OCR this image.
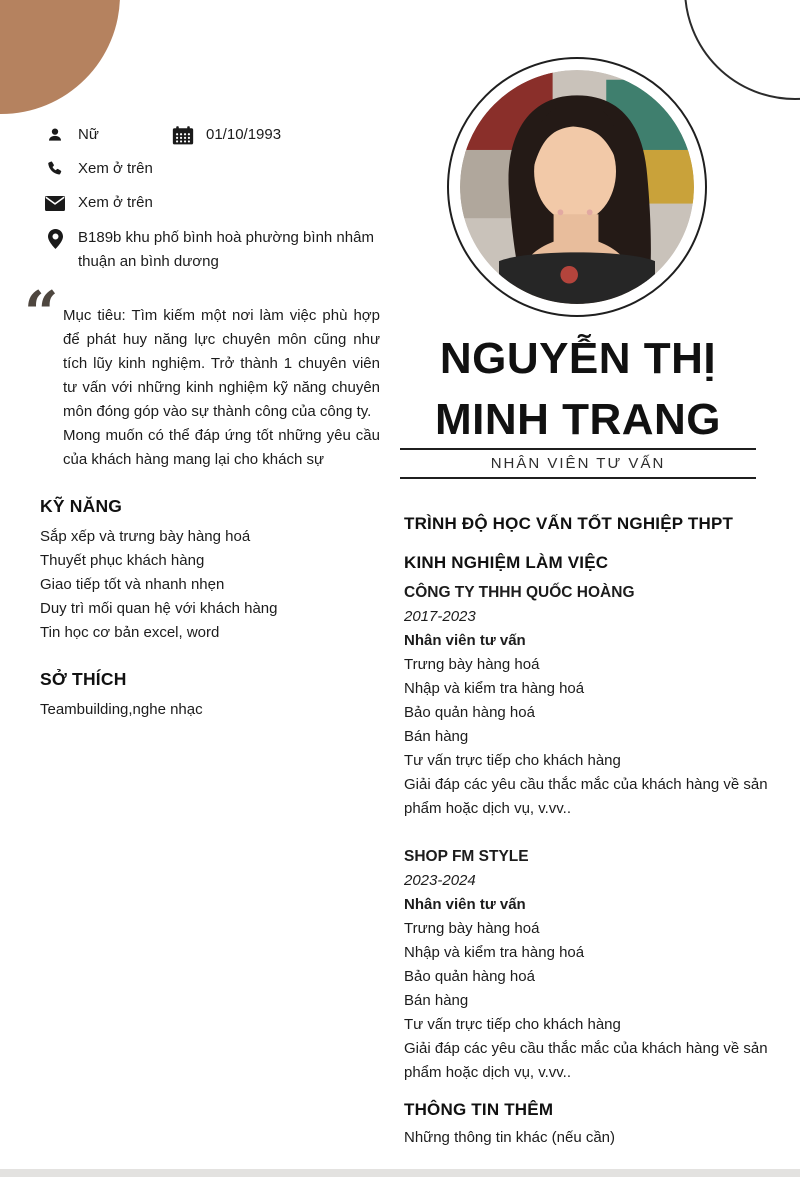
Nữ	01/10/1993
Xem ở trên
Xem ở trên
B189b khu phố bình hoà phường bình nhâm thuận an bình dương
“ Mục tiêu: Tìm kiếm một nơi làm việc phù hợp để phát huy năng lực chuyên môn cũng như tích lũy kinh nghiệm. Trở thành 1 chuyên viên tư vấn với những kinh nghiệm kỹ năng chuyên môn đóng góp vào sự thành công của công ty.

Mong muốn có thể đáp ứng tốt những yêu cầu của khách hàng mang lại cho khách sự

KỸ NĂNG
Sắp xếp và trưng bày hàng hoá
Thuyết phục khách hàng
Giao tiếp tốt và nhanh nhẹn
Duy trì mối quan hệ với khách hàng
Tin học cơ bản excel, word
SỞ THÍCH

Teambuilding,nghe nhạc

NGUYỄN THỊ MINH TRANG
NHÂN VIÊN TƯ VẤN
TRÌNH ĐỘ HỌC VẤN TỐT NGHIỆP THPT
KINH NGHIỆM LÀM VIỆC
CÔNG TY THHH QUỐC HOÀNG

2017-2023

Nhân viên tư vấn

Trưng bày hàng hoá

Nhập và kiểm tra hàng hoá

Bảo quản hàng hoá

Bán hàng

Tư vấn trực tiếp cho khách hàng

Giải đáp các yêu cầu thắc mắc của khách hàng về sản phẩm hoặc dịch vụ, v.vv..

SHOP FM STYLE

2023-2024

Nhân viên tư vấn

Trưng bày hàng hoá

Nhập và kiểm tra hàng hoá

Bảo quản hàng hoá

Bán hàng

Tư vấn trực tiếp cho khách hàng

Giải đáp các yêu cầu thắc mắc của khách hàng về sản phẩm hoặc dịch vụ, v.vv..

THÔNG TIN THÊM

Những thông tin khác (nếu cần)
